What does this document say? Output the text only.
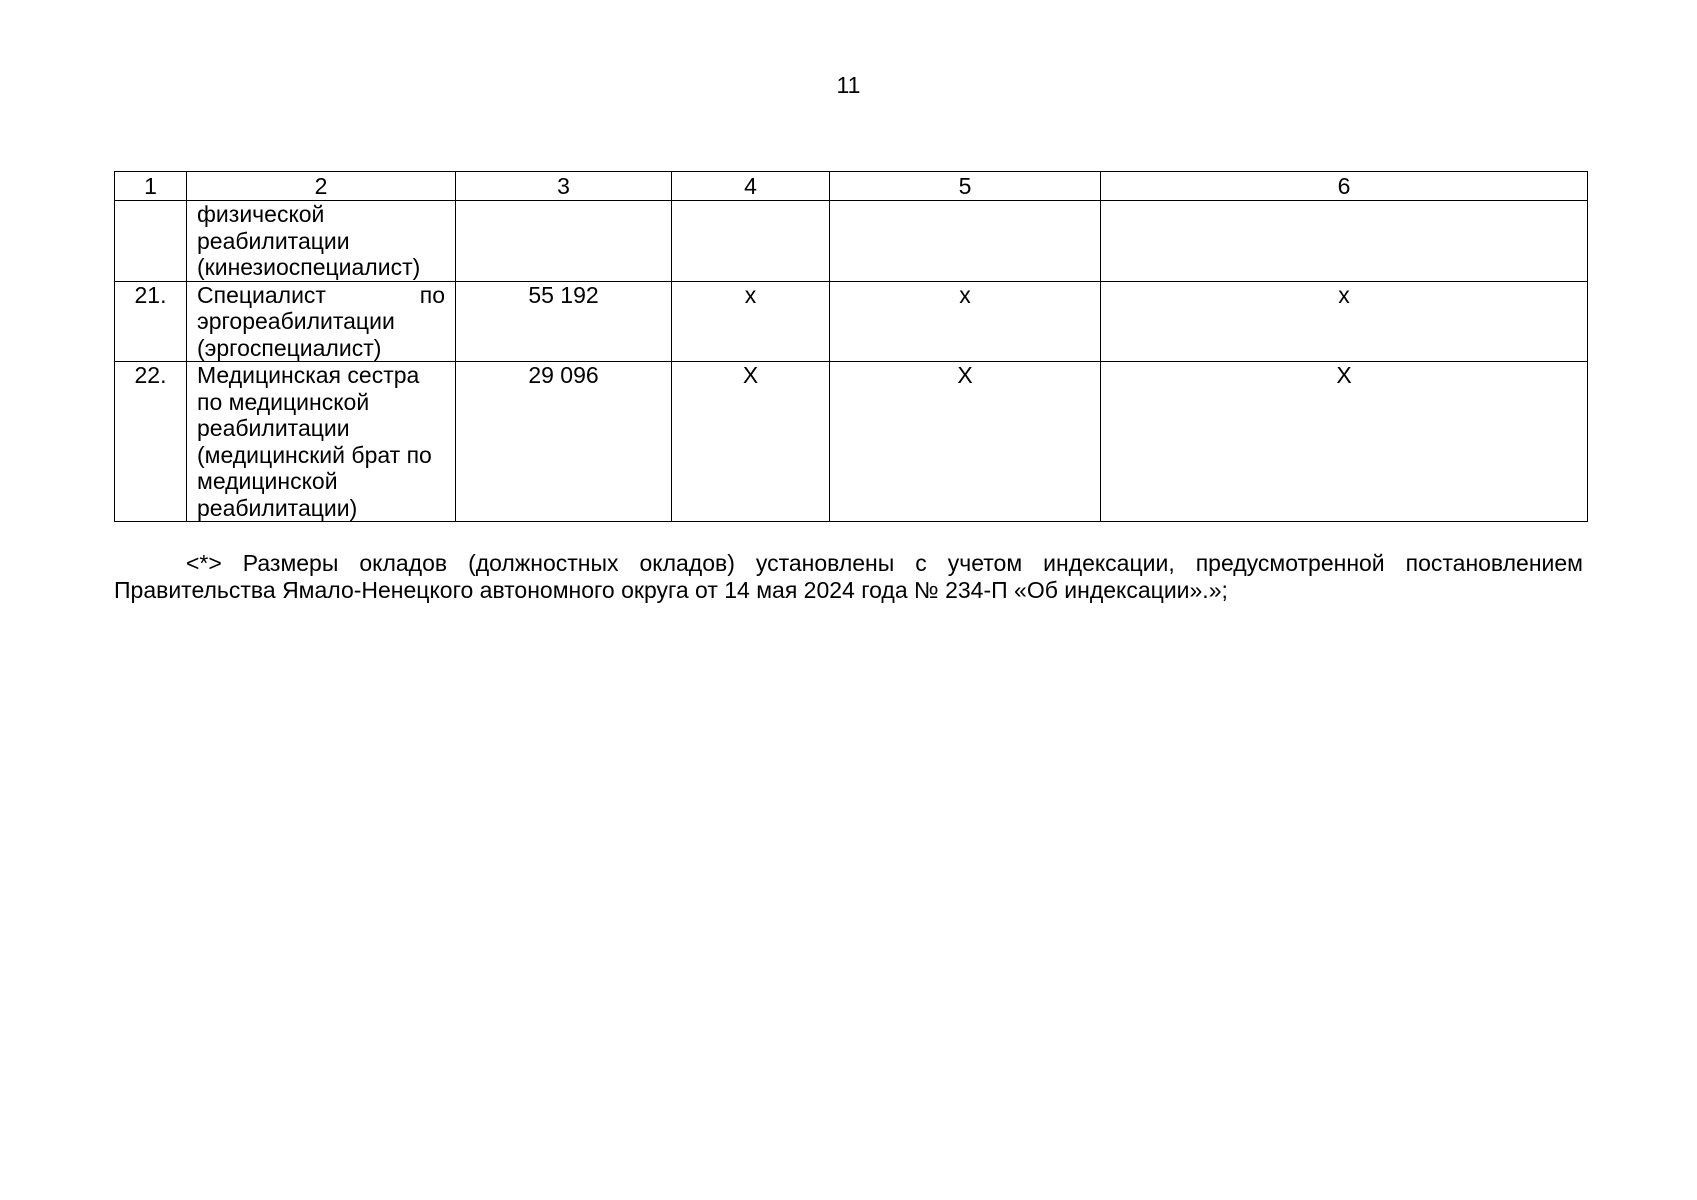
11
1	2	3	4	5	6
	физической реабилитации (кинезиоспециалист)				
21.	Специалист по эргореабилитации (эргоспециалист)	55 192	x	x	x
22.	Медицинская сестра по медицинской реабилитации (медицинский брат по медицинской реабилитации)	29 096	X	X	X

<*> Размеры окладов (должностных окладов) установлены с учетом индексации, предусмотренной постановлением Правительства Ямало-Ненецкого автономного округа от 14 мая 2024 года № 234-П «Об индексации».»;
